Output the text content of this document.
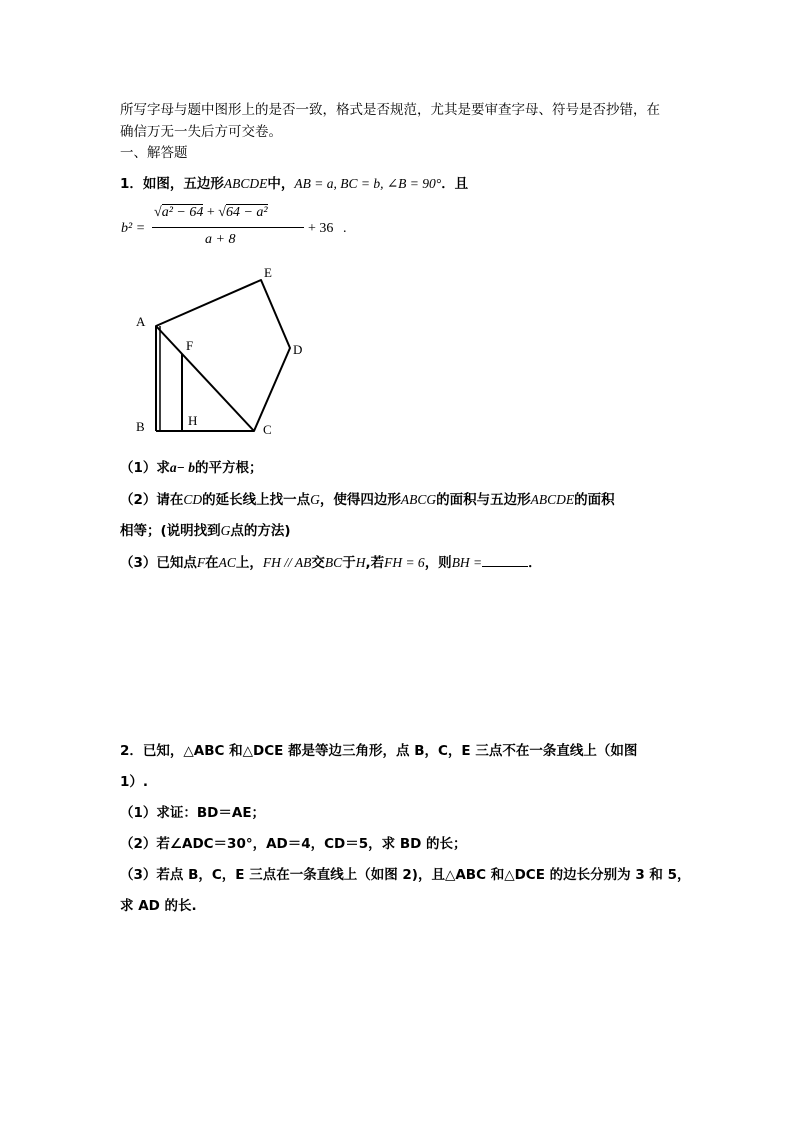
所写字母与题中图形上的是否一致，格式是否规范，尤其是要审查字母、符号是否抄错，在
确信万无一失后方可交卷。
一、解答题
1．如图，五边形ABCDE中，AB = a, BC = b, ∠B = 90°．且
b² =
√a² − 64 + √64 − a²
a + 8
+ 36 .
A
B	C
D
E
F
H
（1）求a− b的平方根；
（2）请在CD的延长线上找一点G，使得四边形ABCG的面积与五边形ABCDE的面积
相等；(说明找到G点的方法)
（3）已知点F在AC上，FH // AB交BC于H,若FH = 6，则BH =	．
2．已知，△ABC 和△DCE 都是等边三角形，点 B，C，E 三点不在一条直线上（如图
1）.
（1）求证：BD＝AE；
（2）若∠ADC＝30°，AD＝4，CD＝5，求 BD 的长；
（3）若点 B，C，E 三点在一条直线上（如图 2)，且△ABC 和△DCE 的边长分别为 3 和 5，
求 AD 的长.
